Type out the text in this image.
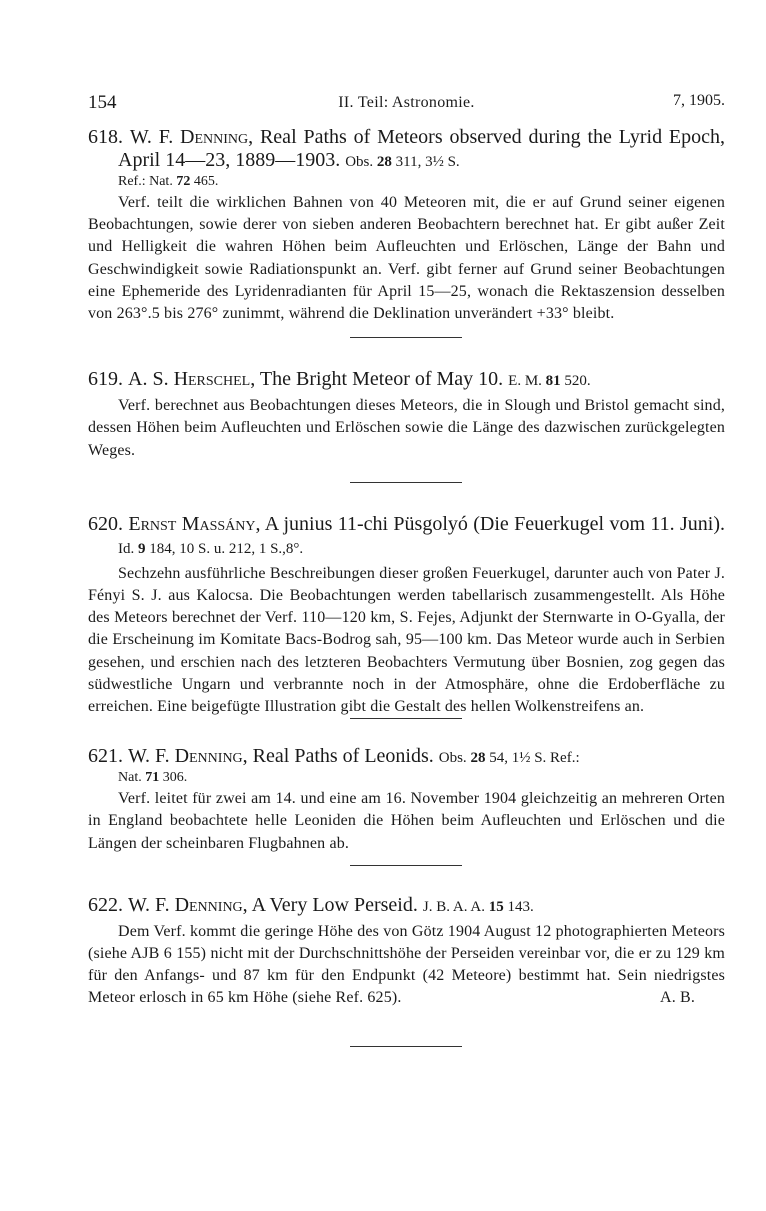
154	II. Teil: Astronomie.	7, 1905.
618. W. F. Denning, Real Paths of Meteors observed during the Lyrid Epoch, April 14—23, 1889—1903. Obs. 28 311, 3½ S.
Ref.: Nat. 72 465.

Verf. teilt die wirklichen Bahnen von 40 Meteoren mit, die er auf Grund seiner eigenen Beobachtungen, sowie derer von sieben anderen Beobachtern berechnet hat. Er gibt außer Zeit und Helligkeit die wahren Höhen beim Aufleuchten und Erlöschen, Länge der Bahn und Geschwindigkeit sowie Radiationspunkt an. Verf. gibt ferner auf Grund seiner Beobachtungen eine Ephemeride des Lyridenradianten für April 15—25, wonach die Rektaszension desselben von 263°.5 bis 276° zunimmt, während die Deklination unverändert +33° bleibt.

619. A. S. Herschel, The Bright Meteor of May 10. E. M. 81 520.

Verf. berechnet aus Beobachtungen dieses Meteors, die in Slough und Bristol gemacht sind, dessen Höhen beim Aufleuchten und Erlöschen sowie die Länge des dazwischen zurückgelegten Weges.

620. Ernst Massány, A junius 11-chi Püsgolyó (Die Feuerkugel vom 11. Juni). Id. 9 184, 10 S. u. 212, 1 S.,8°.

Sechzehn ausführliche Beschreibungen dieser großen Feuerkugel, darunter auch von Pater J. Fényi S. J. aus Kalocsa. Die Beobachtungen werden tabellarisch zusammengestellt. Als Höhe des Meteors berechnet der Verf. 110—120 km, S. Fejes, Adjunkt der Sternwarte in O-Gyalla, der die Erscheinung im Komitate Bacs-Bodrog sah, 95—100 km. Das Meteor wurde auch in Serbien gesehen, und erschien nach des letzteren Beobachters Vermutung über Bosnien, zog gegen das südwestliche Ungarn und verbrannte noch in der Atmosphäre, ohne die Erdoberfläche zu erreichen. Eine beigefügte Illustration gibt die Gestalt des hellen Wolkenstreifens an.

621. W. F. Denning, Real Paths of Leonids. Obs. 28 54, 1½ S. Ref.:
Nat. 71 306.

Verf. leitet für zwei am 14. und eine am 16. November 1904 gleichzeitig an mehreren Orten in England beobachtete helle Leoniden die Höhen beim Aufleuchten und Erlöschen und die Längen der scheinbaren Flugbahnen ab.

622. W. F. Denning, A Very Low Perseid. J. B. A. A. 15 143.

Dem Verf. kommt die geringe Höhe des von Götz 1904 August 12 photographierten Meteors (siehe AJB 6 155) nicht mit der Durchschnittshöhe der Perseiden vereinbar vor, die er zu 129 km für den Anfangs- und 87 km für den Endpunkt (42 Meteore) bestimmt hat. Sein niedrigstes Meteor erlosch in 65 km Höhe (siehe Ref. 625).	A. B.
